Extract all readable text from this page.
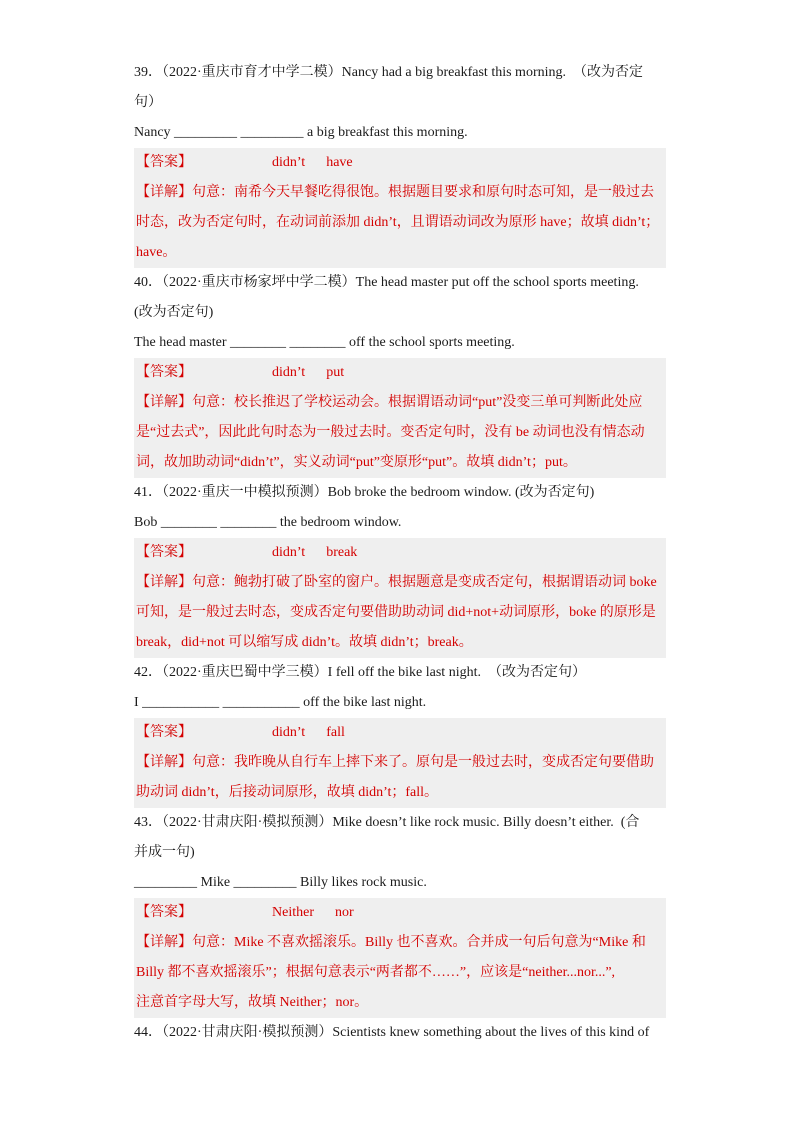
39．（2022·重庆市育才中学二模）Nancy had a big breakfast this morning.  （改为否定
句）
Nancy _________ _________ a big breakfast this morning.
【答案】	didn’t      have
【详解】句意：南希今天早餐吃得很饱。根据题目要求和原句时态可知，是一般过去
时态，改为否定句时，在动词前添加 didn’t，且谓语动词改为原形 have；故填 didn’t；
have。
40．（2022·重庆市杨家坪中学二模）The head master put off the school sports meeting.
(改为否定句)
The head master ________ ________ off the school sports meeting.
【答案】	didn’t      put
【详解】句意：校长推迟了学校运动会。根据谓语动词“put”没变三单可判断此处应
是“过去式”，因此此句时态为一般过去时。变否定句时，没有 be 动词也没有情态动
词，故加助动词“didn’t”，实义动词“put”变原形“put”。故填 didn’t；put。
41．（2022·重庆一中模拟预测）Bob broke the bedroom window. (改为否定句)
Bob ________ ________ the bedroom window.
【答案】	didn’t      break
【详解】句意：鲍勃打破了卧室的窗户。根据题意是变成否定句，根据谓语动词 boke
可知，是一般过去时态，变成否定句要借助助动词 did+not+动词原形，boke 的原形是
break，did+not 可以缩写成 didn’t。故填 didn’t；break。
42．（2022·重庆巴蜀中学三模）I fell off the bike last night.  （改为否定句）
I ___________ ___________ off the bike last night.
【答案】	didn’t      fall
【详解】句意：我昨晚从自行车上摔下来了。原句是一般过去时，变成否定句要借助
助动词 didn’t，后接动词原形，故填 didn’t；fall。
43．（2022·甘肃庆阳·模拟预测）Mike doesn’t like rock music. Billy doesn’t either.  (合
并成一句)
_________ Mike _________ Billy likes rock music.
【答案】	Neither      nor
【详解】句意：Mike 不喜欢摇滚乐。Billy 也不喜欢。合并成一句后句意为“Mike 和
Billy 都不喜欢摇滚乐”；根据句意表示“两者都不……”，应该是“neither...nor...”,
注意首字母大写，故填 Neither；nor。
44．（2022·甘肃庆阳·模拟预测）Scientists knew something about the lives of this kind of
